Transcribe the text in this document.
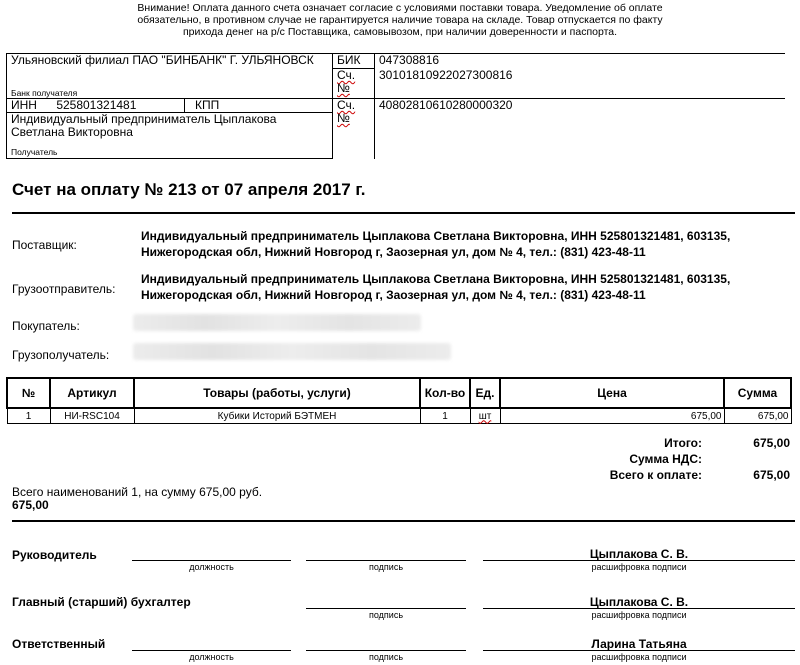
Внимание! Оплата данного счета означает согласие с условиями поставки товара. Уведомление об оплате
обязательно, в противном случае не гарантируется наличие товара на складе. Товар отпускается по факту
прихода денег на р/с Поставщика, самовывозом, при наличии доверенности и паспорта.
Ульяновский филиал ПАО "БИНБАНК" Г. УЛЬЯНОВСК		БИК	047308816
		Сч. №	30101810922027300816
Банк получателя			
ИНН 525801321481	КПП	Сч. №	40802810610280000320

Индивидуальный предприниматель Цыплакова
Светлана Викторовна			

Получатель			
Счет на оплату № 213 от 07 апреля 2017 г.
Поставщик:
Индивидуальный предприниматель Цыплакова Светлана Викторовна, ИНН 525801321481, 603135,
Нижегородская обл, Нижний Новгород г, Заозерная ул, дом № 4, тел.: (831) 423-48-11
Грузоотправитель:
Индивидуальный предприниматель Цыплакова Светлана Викторовна, ИНН 525801321481, 603135,
Нижегородская обл, Нижний Новгород г, Заозерная ул, дом № 4, тел.: (831) 423-48-11
Покупатель:
Грузополучатель:
№	Артикул	Товары (работы, услуги)	Кол-во	Ед.	Цена	Сумма
1	НИ-RSC104	Кубики Историй БЭТМЕН	1	шт	675,00	675,00
Итого:	675,00
Сумма НДС:
Всего к оплате:	675,00
Всего наименований 1, на сумму 675,00 руб.
675,00
Руководитель	Цыплакова С. В.
должность	подпись	расшифровка подписи
Главный (старший) бухгалтер	Цыплакова С. В.
подпись	расшифровка подписи
Ответственный	Ларина Татьяна
должность	подпись	расшифровка подписи
